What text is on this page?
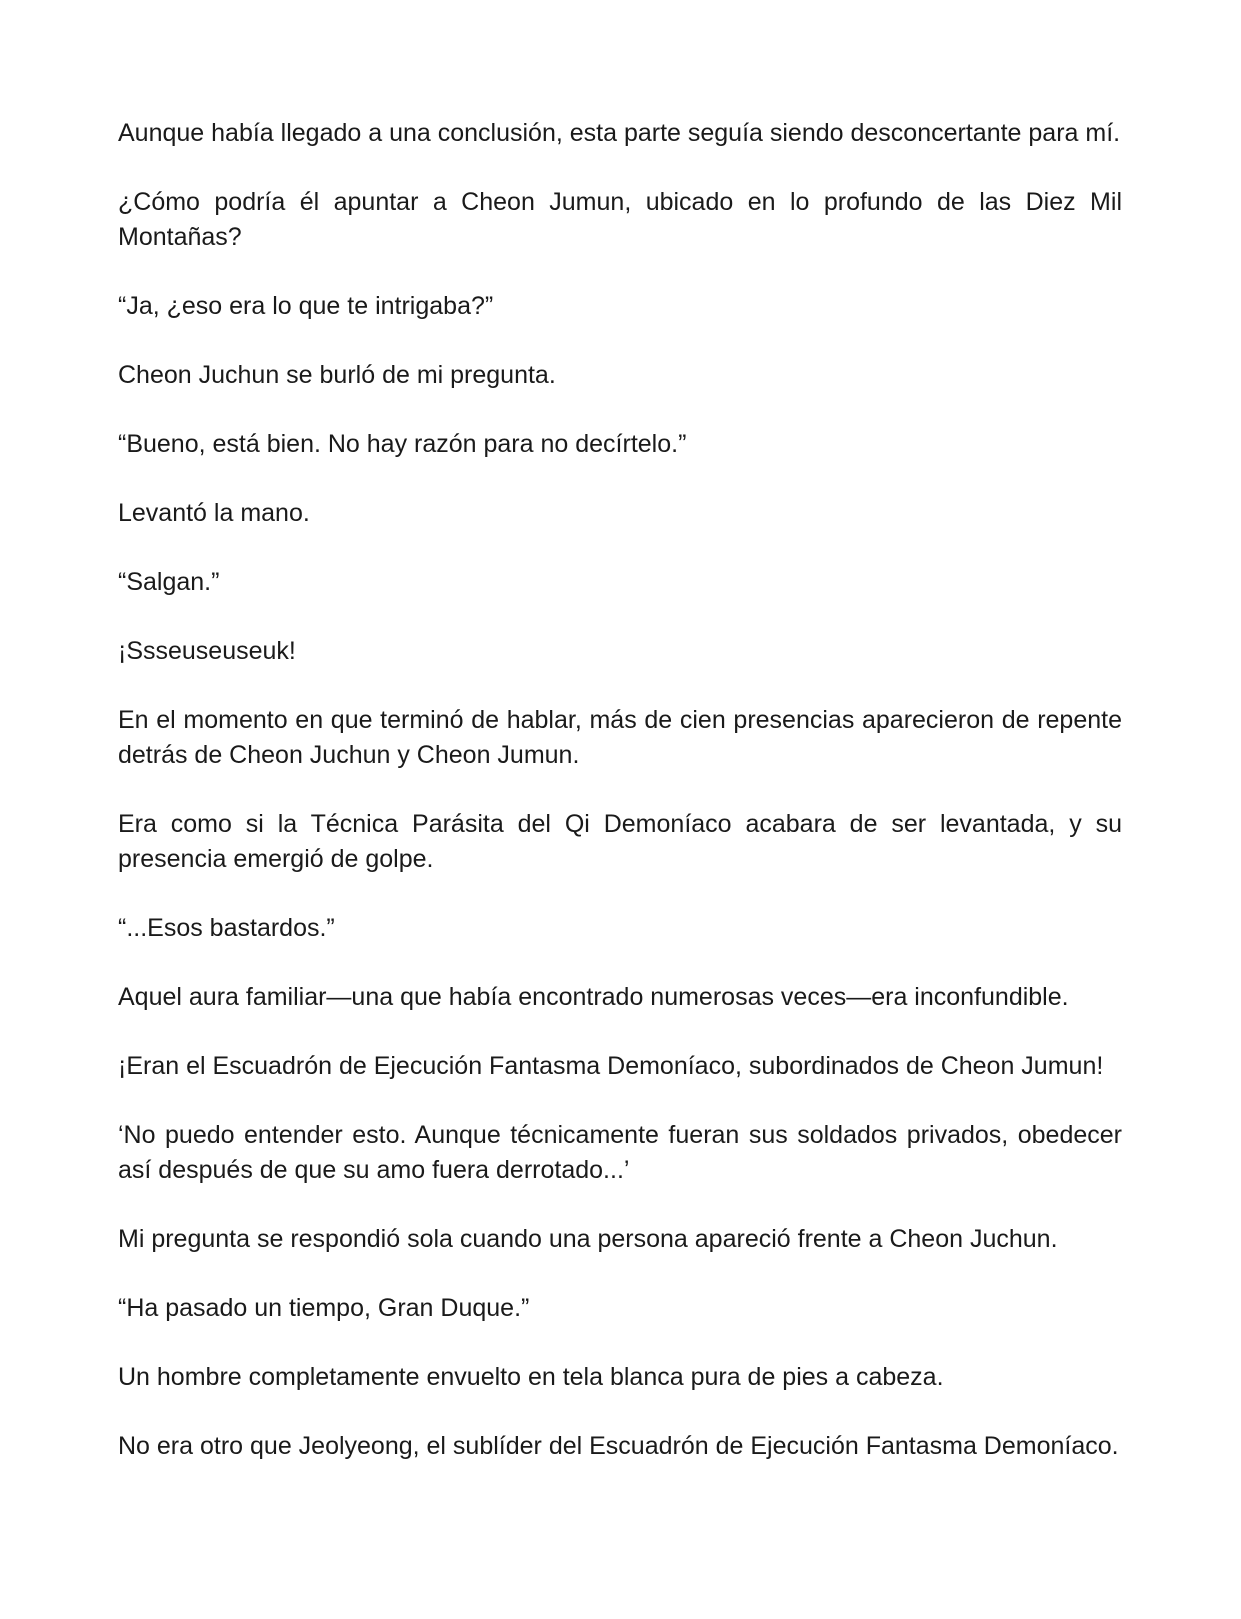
Aunque había llegado a una conclusión, esta parte seguía siendo desconcertante para mí.

¿Cómo podría él apuntar a Cheon Jumun, ubicado en lo profundo de las Diez Mil Montañas?

“Ja, ¿eso era lo que te intrigaba?”

Cheon Juchun se burló de mi pregunta.

“Bueno, está bien. No hay razón para no decírtelo.”

Levantó la mano.

“Salgan.”

¡Ssseuseuseuk!

En el momento en que terminó de hablar, más de cien presencias aparecieron de repente detrás de Cheon Juchun y Cheon Jumun.

Era como si la Técnica Parásita del Qi Demoníaco acabara de ser levantada, y su presencia emergió de golpe.

“...Esos bastardos.”

Aquel aura familiar—una que había encontrado numerosas veces—era inconfundible.

¡Eran el Escuadrón de Ejecución Fantasma Demoníaco, subordinados de Cheon Jumun!

‘No puedo entender esto. Aunque técnicamente fueran sus soldados privados, obedecer así después de que su amo fuera derrotado...’

Mi pregunta se respondió sola cuando una persona apareció frente a Cheon Juchun.

“Ha pasado un tiempo, Gran Duque.”

Un hombre completamente envuelto en tela blanca pura de pies a cabeza.

No era otro que Jeolyeong, el sublíder del Escuadrón de Ejecución Fantasma Demoníaco.
